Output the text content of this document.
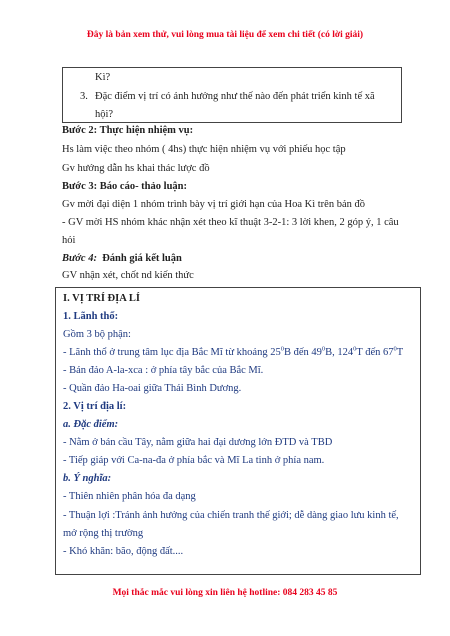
Đây là bản xem thử, vui lòng mua tài liệu để xem chi tiết (có lời giải)
Kì?
3. Đặc điểm vị trí có ảnh hưởng như thế nào đến phát triển kinh tế xã
hội?
Bước 2: Thực hiện nhiệm vụ:
Hs làm việc theo nhóm ( 4hs) thực hiện nhiệm vụ với phiếu học tập
Gv hướng dẫn hs khai thác lược đồ
Bước 3: Báo cáo- thảo luận:
Gv mời đại diện 1 nhóm trình bày vị trí giới hạn của Hoa Kì trên bản đồ
- GV mời HS nhóm khác nhận xét theo kĩ thuật 3-2-1: 3 lời khen, 2 góp ý, 1 câu
hỏi
Bước 4: Đánh giá kết luận
GV nhận xét, chốt nd kiến thức
I. VỊ TRÍ ĐỊA LÍ
1. Lãnh thổ:
Gồm 3 bộ phận:
- Lãnh thổ ở trung tâm lục địa Bắc Mĩ từ khoảng $25^0B$ đến $49^0B$, $124^0T$ đến $67^0T$
- Bán đảo A-la-xca : ở phía tây bắc của Bắc Mĩ.
- Quần đảo Ha-oai giữa Thái Bình Dương.
2. Vị trí địa lí:
a. Đặc điểm:
- Nằm ở bán cầu Tây, nằm giữa hai đại dương lớn ĐTD và TBD
- Tiếp giáp với Ca-na-đa ở phía bắc và Mĩ La tinh ở phía nam.
b. Ý nghĩa:
- Thiên nhiên phân hóa đa dạng
- Thuận lợi :Tránh ảnh hưởng của chiến tranh thế giới; dễ dàng giao lưu kinh tế,
mở rộng thị trường
- Khó khăn: bão, động đất....
Mọi thắc mắc vui lòng xin liên hệ hotline: 084 283 45 85
